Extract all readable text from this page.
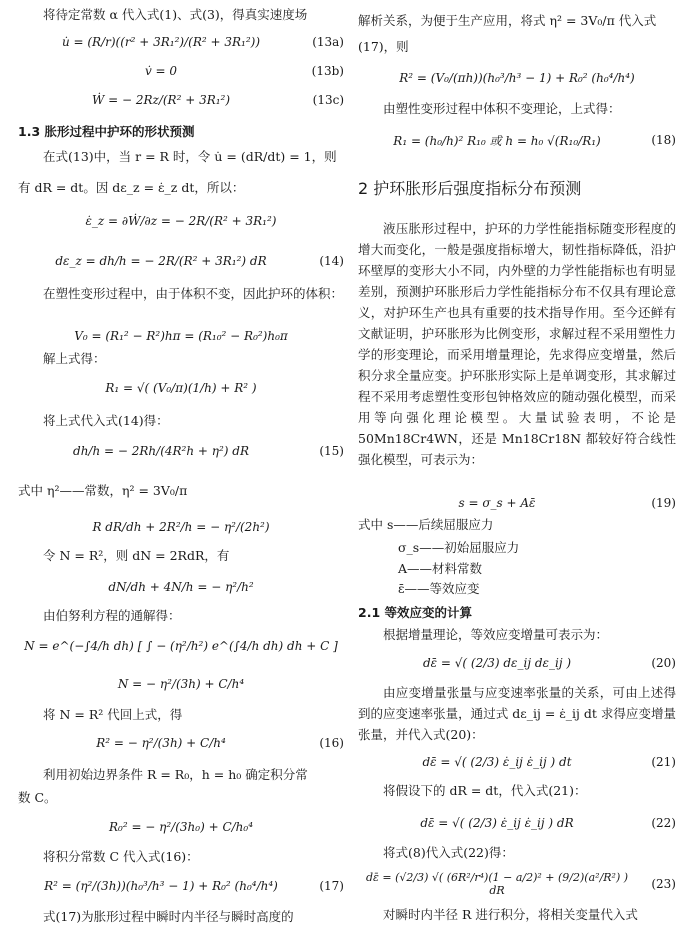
将待定常数 α 代入式(1)、式(3)，得真实速度场
u̇ = (R/r)((r² + 3R₁²)/(R² + 3R₁²))	(13a)
v̇ = 0	(13b)
Ẇ = − 2Rz/(R² + 3R₁²)	(13c)
1.3 胀形过程中护环的形状预测
在式(13)中，当 r = R 时，令 u̇ = (dR/dt) = 1，则
有 dR = dt。因 dε_z = ε̇_z dt，所以：
ε̇_z = ∂Ẇ/∂z = − 2R/(R² + 3R₁²)
dε_z = dh/h = − 2R/(R² + 3R₁²) dR	(14)
在塑性变形过程中，由于体积不变，因此护环的体积：
V₀ = (R₁² − R²)hπ = (R₁₀² − R₀²)h₀π
解上式得：
R₁ = √( (V₀/π)(1/h) + R² )
将上式代入式(14)得：
dh/h = − 2Rh/(4R²h + η²) dR	(15)
式中 η²——常数，η² = 3V₀/π
R dR/dh + 2R²/h = − η²/(2h²)
令 N = R²，则 dN = 2RdR，有
dN/dh + 4N/h = − η²/h²
由伯努利方程的通解得：
N = e^(−∫4/h dh) [ ∫ − (η²/h²) e^(∫4/h dh) dh + C ]
N = − η²/(3h) + C/h⁴
将 N = R² 代回上式，得
R² = − η²/(3h) + C/h⁴	(16)
利用初始边界条件 R = R₀，h = h₀ 确定积分常
数 C。
R₀² = − η²/(3h₀) + C/h₀⁴
将积分常数 C 代入式(16)：
R² = (η²/(3h))(h₀³/h³ − 1) + R₀² (h₀⁴/h⁴)	(17)
式(17)为胀形过程中瞬时内半径与瞬时高度的
解析关系，为便于生产应用，将式 η² = 3V₀/π 代入式
(17)，则
R² = (V₀/(πh))(h₀³/h³ − 1) + R₀² (h₀⁴/h⁴)
由塑性变形过程中体积不变理论，上式得：
R₁ = (h₀/h)² R₁₀ 或 h = h₀ √(R₁₀/R₁)	(18)
2 护环胀形后强度指标分布预测
液压胀形过程中，护环的力学性能指标随变形程度的增大而变化，一般是强度指标增大，韧性指标降低，沿护环壁厚的变形大小不同，内外壁的力学性能指标也有明显差别，预测护环胀形后力学性能指标分布不仅具有理论意义，对护环生产也具有重要的技术指导作用。至今还鲜有文献证明，护环胀形为比例变形，求解过程不采用塑性力学的形变理论，而采用增量理论，先求得应变增量，然后积分求全量应变。护环胀形实际上是单调变形，其求解过程不采用考虑塑性变形包钟格效应的随动强化模型，而采用等向强化理论模型。大量试验表明，不论是 50Mn18Cr4WN，还是 Mn18Cr18N 都较好符合线性强化模型，可表示为：
s = σ_s + Aε̄	(19)
式中 s——后续屈服应力
σ_s——初始屈服应力
A——材料常数
ε̄——等效应变
2.1 等效应变的计算
根据增量理论，等效应变增量可表示为：
dε̄ = √( (2/3) dε_ij dε_ij )	(20)
由应变增量张量与应变速率张量的关系，可由上述得到的应变速率张量，通过式 dε_ij = ε̇_ij dt 求得应变增量张量，并代入式(20)：
dε̄ = √( (2/3) ε̇_ij ε̇_ij ) dt	(21)
将假设下的 dR = dt，代入式(21)：
dε̄ = √( (2/3) ε̇_ij ε̇_ij ) dR	(22)
将式(8)代入式(22)得：
dε̄ = (√2/3) √( (6R²/r⁴)(1 − a/2)² + (9/2)(a²/R²) ) dR	(23)
对瞬时内半径 R 进行积分，将相关变量代入式
